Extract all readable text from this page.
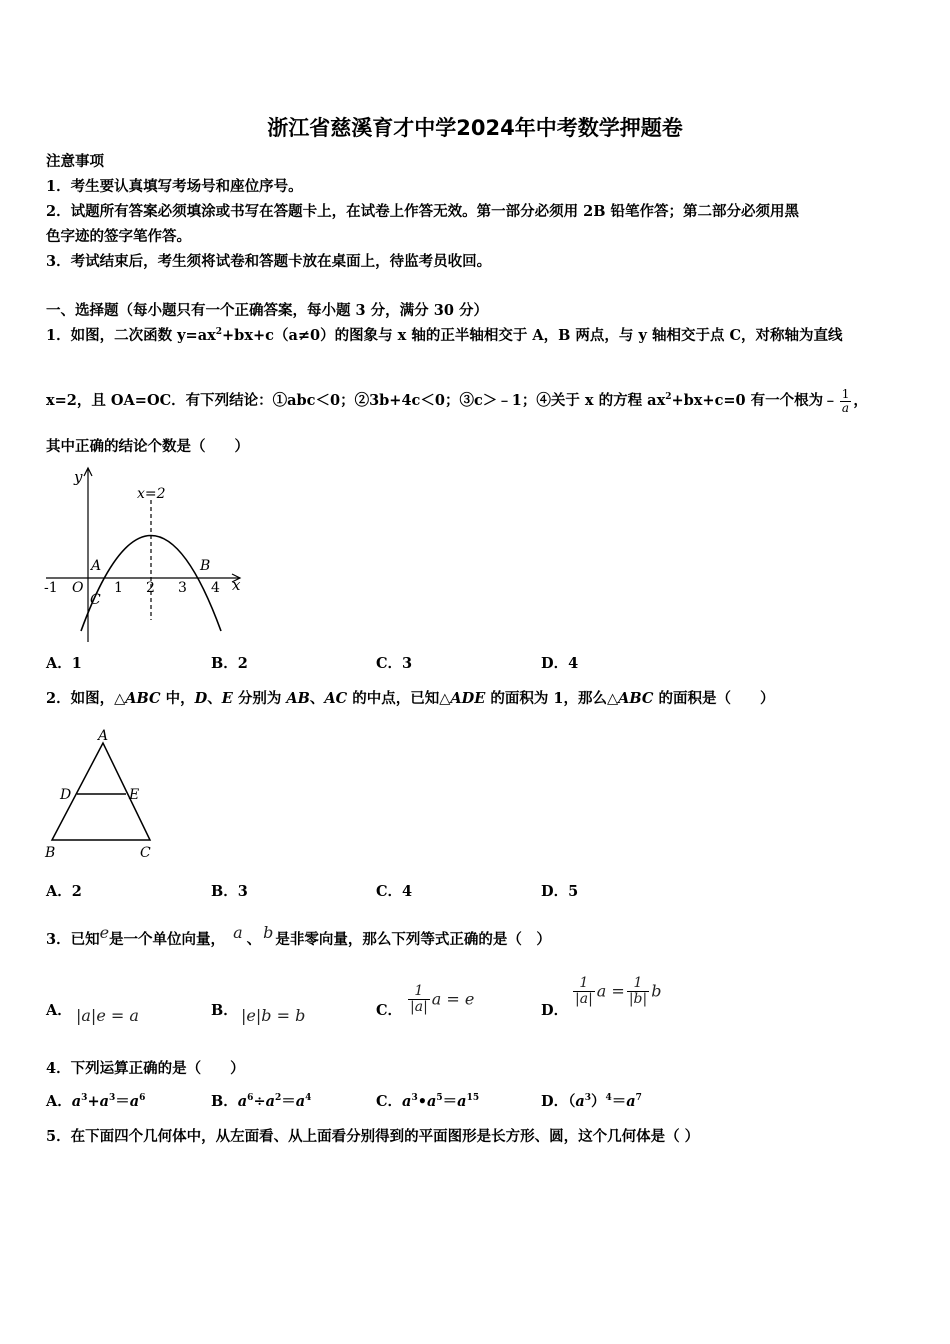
浙江省慈溪育才中学2024年中考数学押题卷
注意事项
1．考生要认真填写考场号和座位序号。
2．试题所有答案必须填涂或书写在答题卡上，在试卷上作答无效。第一部分必须用 2B 铅笔作答；第二部分必须用黑
色字迹的签字笔作答。
3．考试结束后，考生须将试卷和答题卡放在桌面上，待监考员收回。
一、选择题（每小题只有一个正确答案，每小题 3 分，满分 30 分）
1．如图，二次函数 $y=ax^2+bx+c(a\ne 0)$的图象与 x 轴的正半轴相交于 A，B 两点，与 y 轴相交于点 C，对称轴为直线
x=2，且 OA=OC．有下列结论：①abc＜0；②3b+4c＜0；③c＞﹣1；④关于 x 的方程 $ax^2+bx+c=0$ 有一个根为﹣ $\frac{1}{a}$ ，
其中正确的结论个数是（　　）
y
x
x=2
-1 O 1 2 3 4
A	B
C
A．1	B．2	C．3	D．4
2．如图，△ABC 中，D、E 分别为 AB、AC 的中点，已知△ADE 的面积为 1，那么△ABC 的面积是（　　）
A
D	E
B	C
A．2	B．3	C．4	D．5
3．已知e是一个单位向量， a 、 b 是非零向量，那么下列等式正确的是（　）
A． |a|e = a	B． |e|b = b	C． $\frac{1}{|a|}$ a = e
D．
$\frac{1}{|a|}$ $a = \frac{1}{|b|}$ b
4．下列运算正确的是（　　）
A．$a^3+a^3=a^6$	B．$a^6\div a^2=a^4$	C．$a^3•a^5=a^{15}$	D．$(a^3)^4=a^7$
5．在下面四个几何体中，从左面看、从上面看分别得到的平面图形是长方形、圆，这个几何体是（ ）
